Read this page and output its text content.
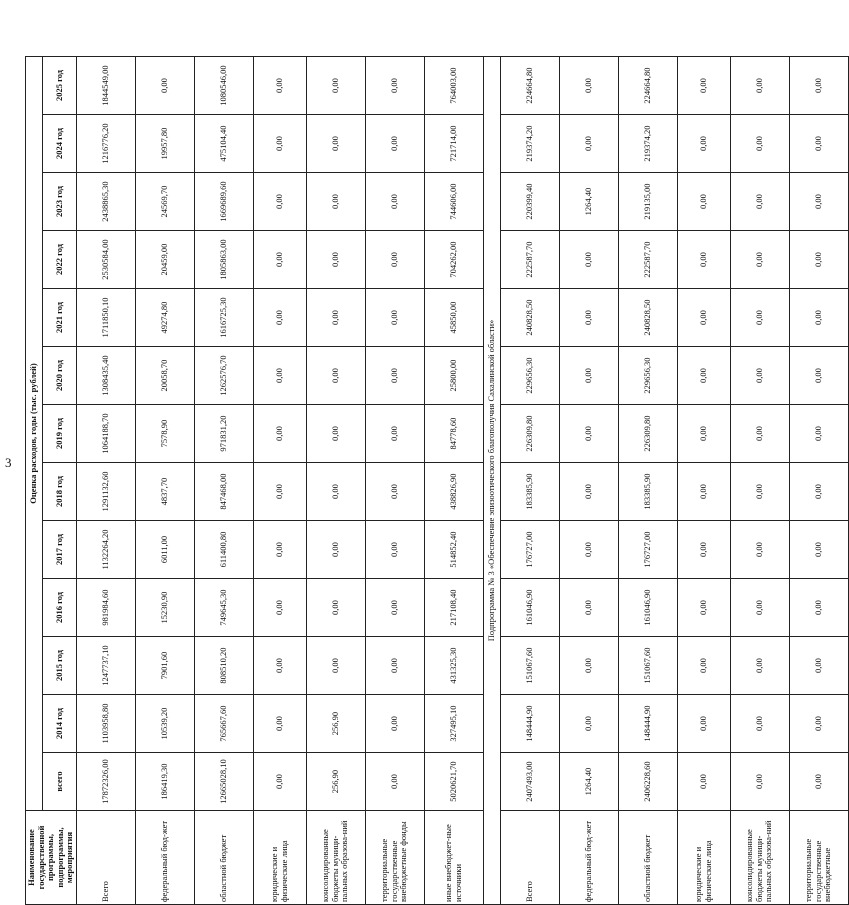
3
Наименование государственной программы, подпрограммы, мероприятия	Оценка расходов, годы (тыс. рублей)												
	всего	2014 год	2015 год	2016 год	2017 год	2018 год	2019 год	2020 год	2021 год	2022 год	2023 год	2024 год	2025 год
Всего	17872326,00	1103958,80	1247737,10	981984,60	1132264,20	1291132,60	1064188,70	1308435,40	1711850,10	2530584,00	2438865,30	1216776,20	1844549,00
федеральный бюд-жет	186419,30	10539,20	7901,60	15230,90	6011,00	4837,70	7578,90	20058,70	49274,80	20459,00	24569,70	19957,80	0,00
областной бюджет	12665028,10	765667,60	808510,20	749645,30	611400,80	847468,00	971831,20	1262576,70	1616725,30	1805863,00	1669689,60	475104,40	1080546,00
юридические и физические лица	0,00	0,00	0,00	0,00	0,00	0,00	0,00	0,00	0,00	0,00	0,00	0,00	0,00
консолидированные бюджеты муници-пальных образова-ний	256,90	256,90	0,00	0,00	0,00	0,00	0,00	0,00	0,00	0,00	0,00	0,00	0,00
территориальные государственные внебюджетные фонды	0,00	0,00	0,00	0,00	0,00	0,00	0,00	0,00	0,00	0,00	0,00	0,00	0,00
иные внебюджет-ные источники	5020621,70	327495,10	431325,30	217108,40	514852,40	438826,90	84778,60	25800,00	45850,00	704262,00	744606,00	721714,00	764003,00
Подпрограмма № 3 «Обеспечение эпизоотического благополучия Сахалинской области»													
Всего	2407493,00	148444,90	151067,60	161046,90	176727,00	183385,90	226309,80	229656,30	240828,50	222587,70	220399,40	219374,20	224664,80
федеральный бюд-жет	1264,40	0,00	0,00	0,00	0,00	0,00	0,00	0,00	0,00	0,00	1264,40	0,00	0,00
областной бюджет	2406228,60	148444,90	151067,60	161046,90	176727,00	183385,90	226309,80	229656,30	240828,50	222587,70	219135,00	219374,20	224664,80
юридические и физические лица	0,00	0,00	0,00	0,00	0,00	0,00	0,00	0,00	0,00	0,00	0,00	0,00	0,00
консолидированные бюджеты муници-пальных образова-ний	0,00	0,00	0,00	0,00	0,00	0,00	0,00	0,00	0,00	0,00	0,00	0,00	0,00
территориальные государственные внебюджетные	0,00	0,00	0,00	0,00	0,00	0,00	0,00	0,00	0,00	0,00	0,00	0,00	0,00
